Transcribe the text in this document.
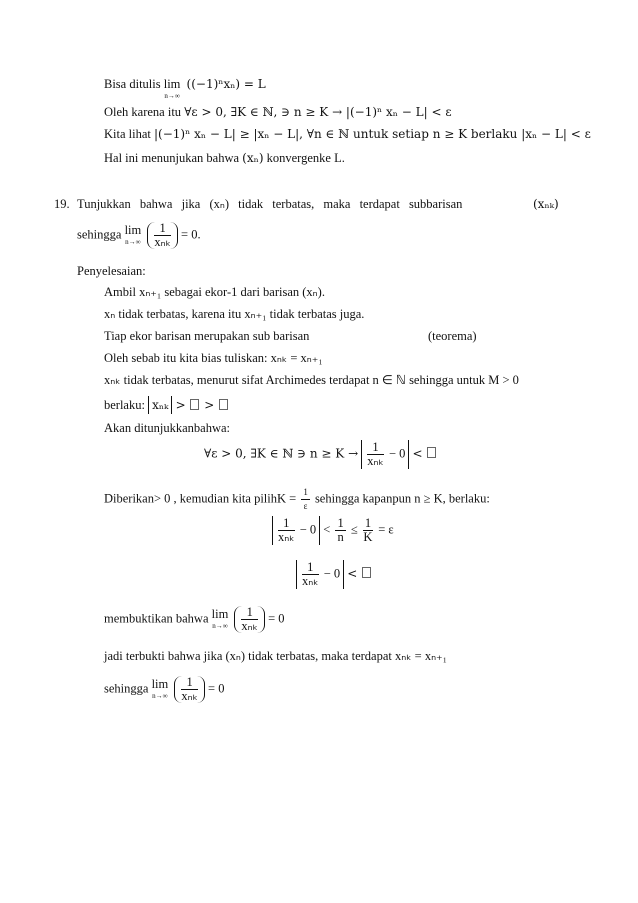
Bisa ditulis lim
n→∞
((−1)ⁿxₙ) = L
Oleh karena itu ∀ε > 0, ∃K ∈ ℕ, ∋ n ≥ K → |(−1)ⁿ xₙ − L| < ε
Kita lihat |(−1)ⁿ xₙ − L| ≥ |xₙ − L|, ∀n ∈ ℕ untuk setiap n ≥ K berlaku |xₙ − L| < ε
Hal ini menunjukan bahwa (xₙ) konvergenke L.
19. Tunjukkan bahwa jika (xₙ) tidak terbatas, maka terdapat subbarisan	(xₙₖ)
sehingga lim
n→∞
$\frac{1}{\text{xₙₖ}} = 0$.
Penyelesaian:
Ambil xₙ₊₁ sebagai ekor-1 dari barisan (xₙ).
xₙ tidak terbatas, karena itu xₙ₊₁ tidak terbatas juga.
Tiap ekor barisan merupakan sub barisan	(teorema)
Oleh sebab itu kita bias tuliskan: xₙₖ = xₙ₊₁
xₙₖ tidak terbatas, menurut sifat Archimedes terdapat n ∈ ℕ sehingga untuk M > 0
berlaku: xₙₖ >  >
Akan ditunjukkanbahwa:
∀ε > 0, ∃K ∈ ℕ ∋ $n \ge K \to \frac{1}{\text{xₙₖ}} - 0$ <
Diberikan> 0 , kemudian kita pilihK = $\frac{1}{\varepsilon}$ sehingga kapanpun n ≥ K, berlaku:
$\frac{1}{\text{xₙₖ}} - 0 < \frac{1}{n} \le \frac{1}{K} = \varepsilon$
$\frac{1}{\text{xₙₖ}} - 0$ <
membuktikan bahwa lim
n→∞
$\frac{1}{\text{xₙₖ}} = 0$
jadi terbukti bahwa jika (xₙ) tidak terbatas, maka terdapat xₙₖ = xₙ₊₁
sehingga lim
n→∞
$\frac{1}{\text{xₙₖ}} = 0$
